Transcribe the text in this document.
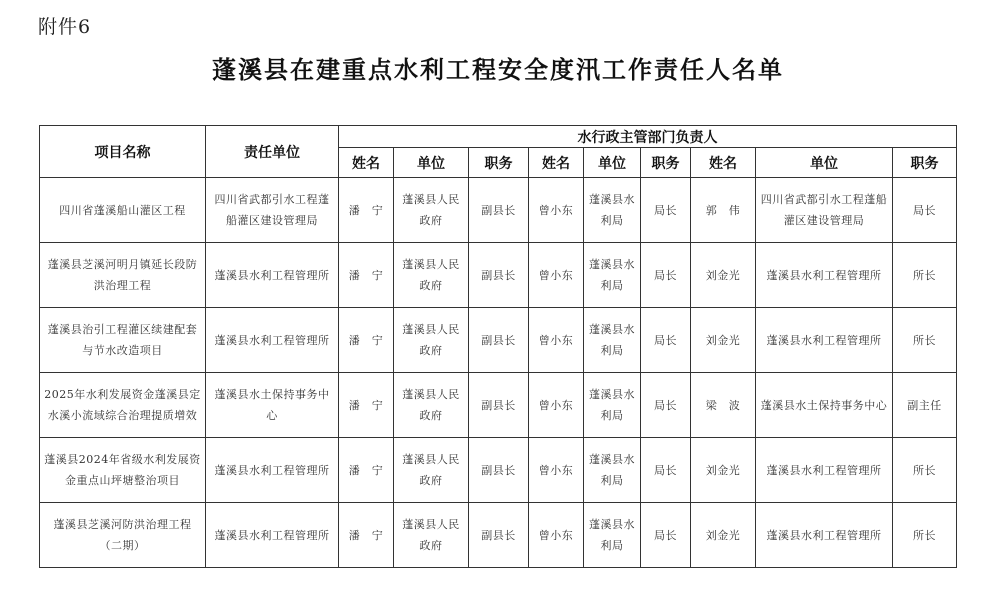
附件6
蓬溪县在建重点水利工程安全度汛工作责任人名单
项目名称	责任单位	水行政主管部门负责人								
		姓名	单位	职务	姓名	单位	职务	姓名	单位	职务
四川省蓬溪船山灌区工程	四川省武都引水工程蓬船灌区建设管理局	潘　宁	蓬溪县人民政府	副县长	曾小东	蓬溪县水利局	局长	郭　伟	四川省武都引水工程蓬船灌区建设管理局	局长
蓬溪县芝溪河明月镇延长段防洪治理工程	蓬溪县水利工程管理所	潘　宁	蓬溪县人民政府	副县长	曾小东	蓬溪县水利局	局长	刘金光	蓬溪县水利工程管理所	所长
蓬溪县治引工程灌区续建配套与节水改造项目	蓬溪县水利工程管理所	潘　宁	蓬溪县人民政府	副县长	曾小东	蓬溪县水利局	局长	刘金光	蓬溪县水利工程管理所	所长
2025年水利发展资金蓬溪县定水溪小流域综合治理提质增效	蓬溪县水土保持事务中心	潘　宁	蓬溪县人民政府	副县长	曾小东	蓬溪县水利局	局长	梁　波	蓬溪县水土保持事务中心	副主任
蓬溪县2024年省级水利发展资金重点山坪塘整治项目	蓬溪县水利工程管理所	潘　宁	蓬溪县人民政府	副县长	曾小东	蓬溪县水利局	局长	刘金光	蓬溪县水利工程管理所	所长
蓬溪县芝溪河防洪治理工程（二期）	蓬溪县水利工程管理所	潘　宁	蓬溪县人民政府	副县长	曾小东	蓬溪县水利局	局长	刘金光	蓬溪县水利工程管理所	所长
